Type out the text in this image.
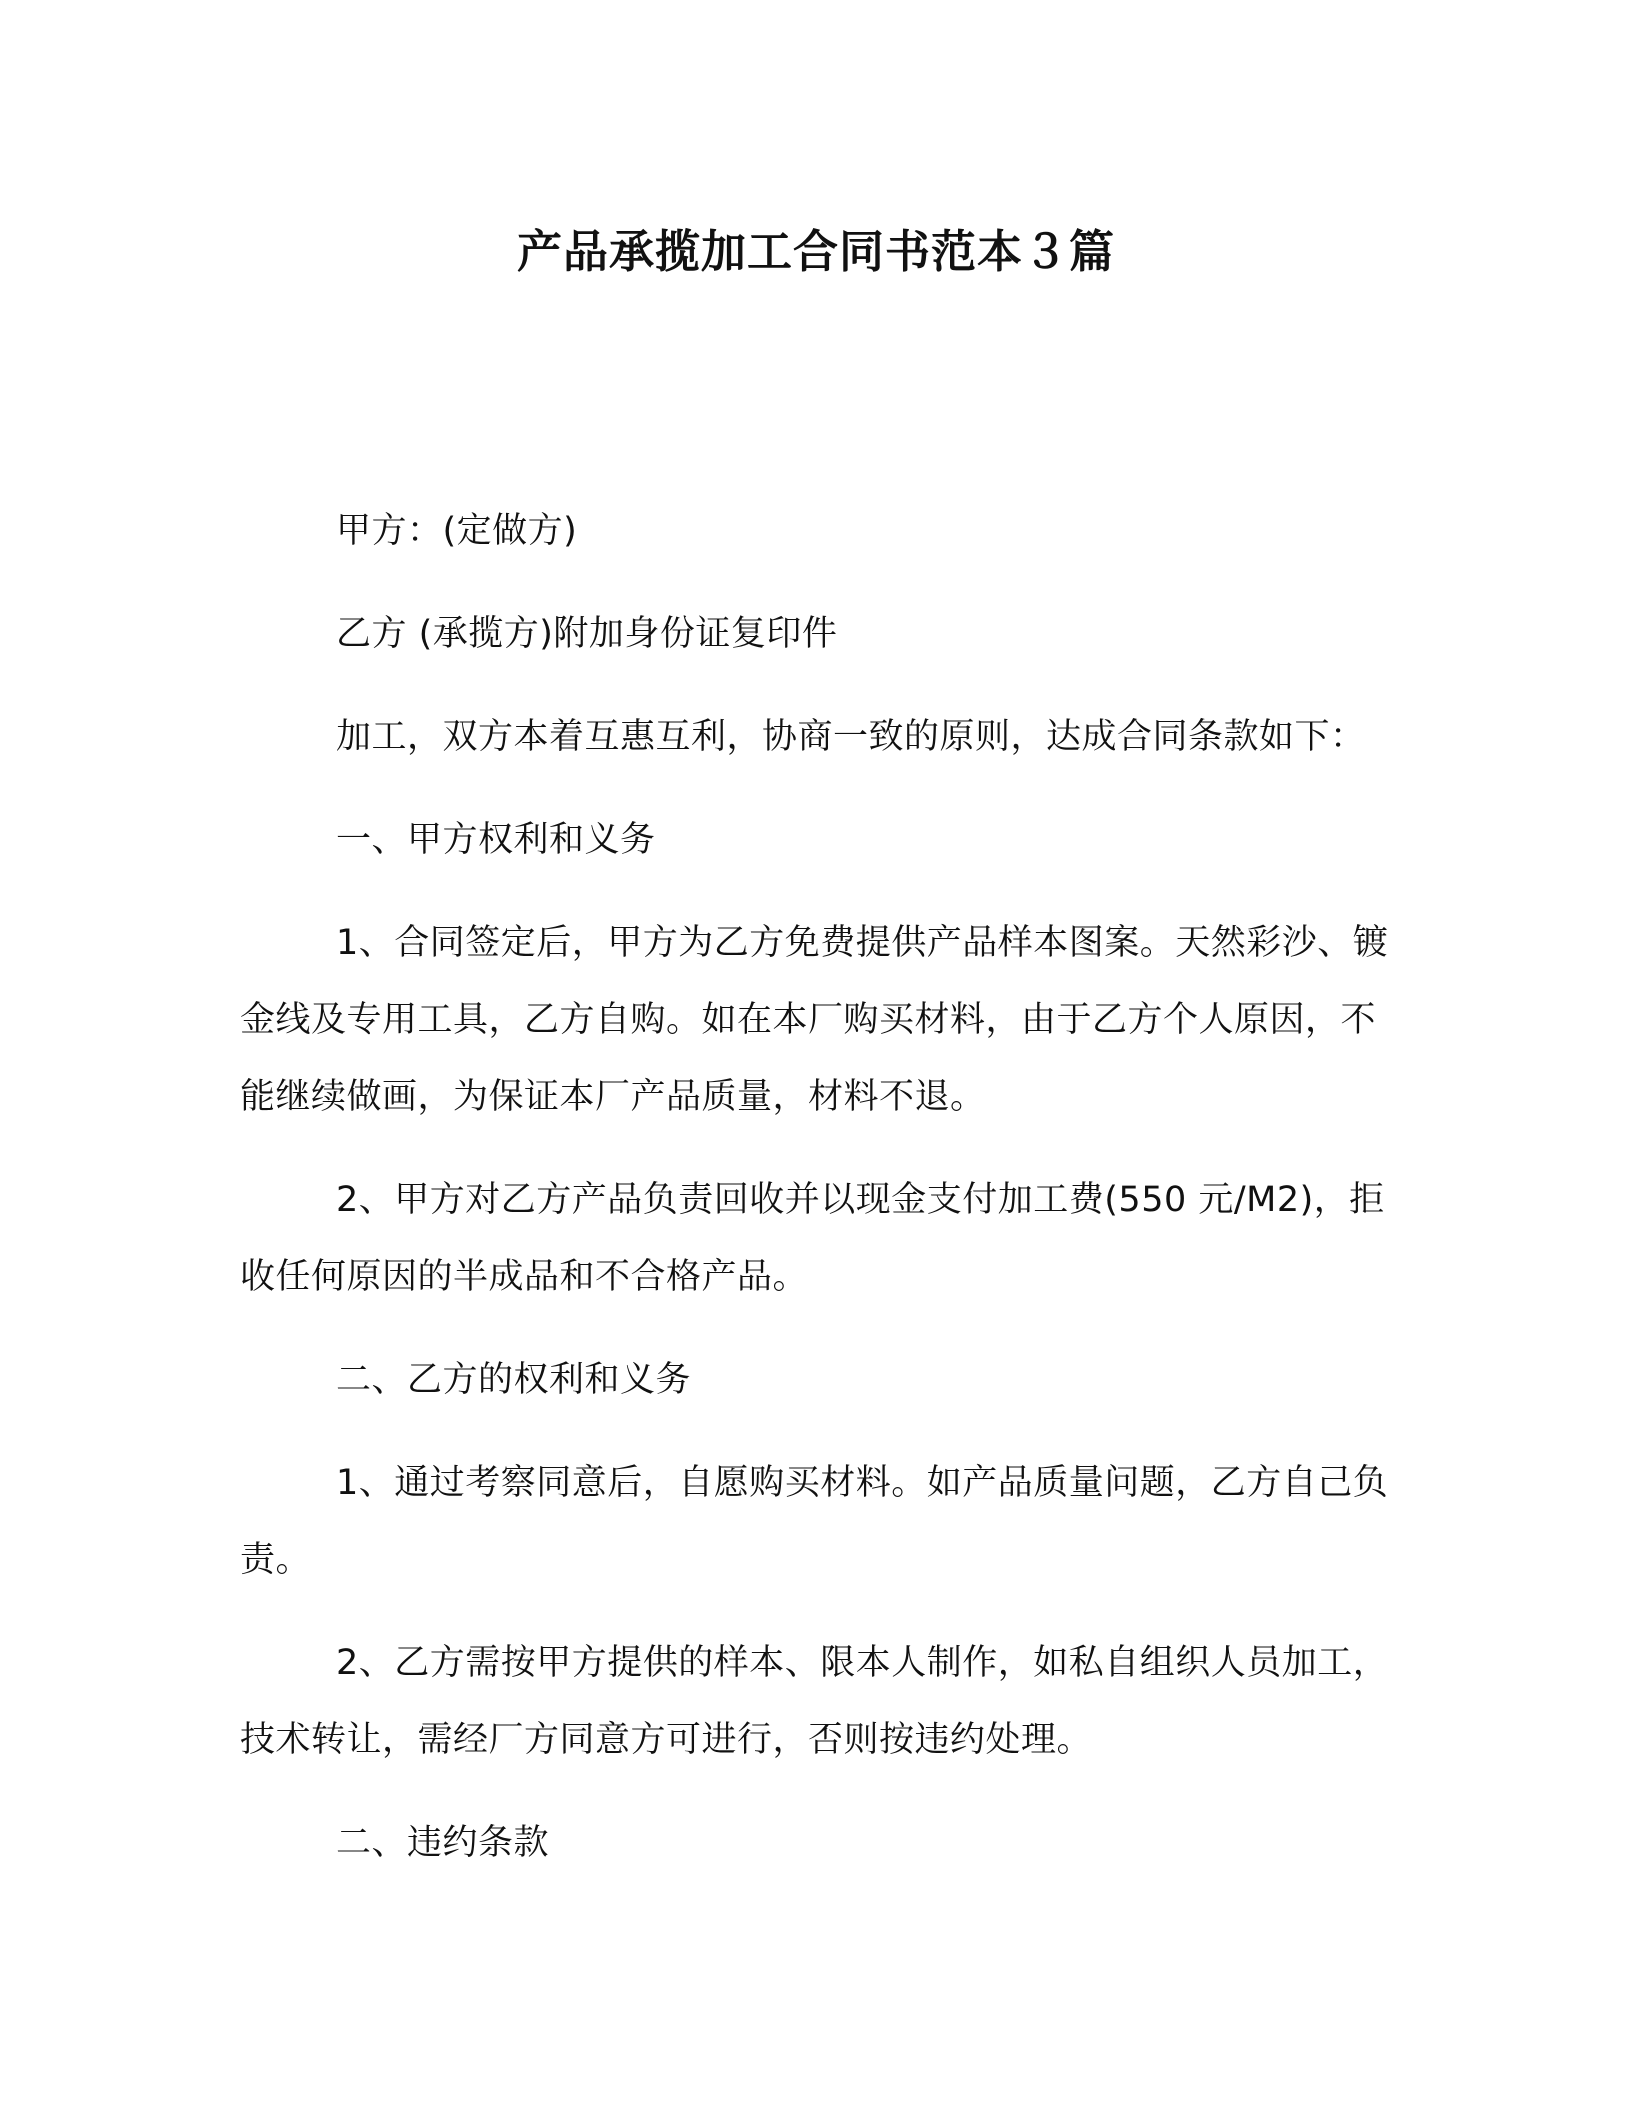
产品承揽加工合同书范本３篇

甲方：(定做方)

乙方 (承揽方)附加身份证复印件

加工，双方本着互惠互利，协商一致的原则，达成合同条款如下：

一、甲方权利和义务

1、合同签定后，甲方为乙方免费提供产品样本图案。天然彩沙、镀金线及专用工具，乙方自购。如在本厂购买材料，由于乙方个人原因，不能继续做画，为保证本厂产品质量，材料不退。

2、甲方对乙方产品负责回收并以现金支付加工费(550 元/M2)，拒收任何原因的半成品和不合格产品。

二、乙方的权利和义务

1、通过考察同意后，自愿购买材料。如产品质量问题，乙方自己负责。

2、乙方需按甲方提供的样本、限本人制作，如私自组织人员加工，技术转让，需经厂方同意方可进行，否则按违约处理。

二、违约条款
